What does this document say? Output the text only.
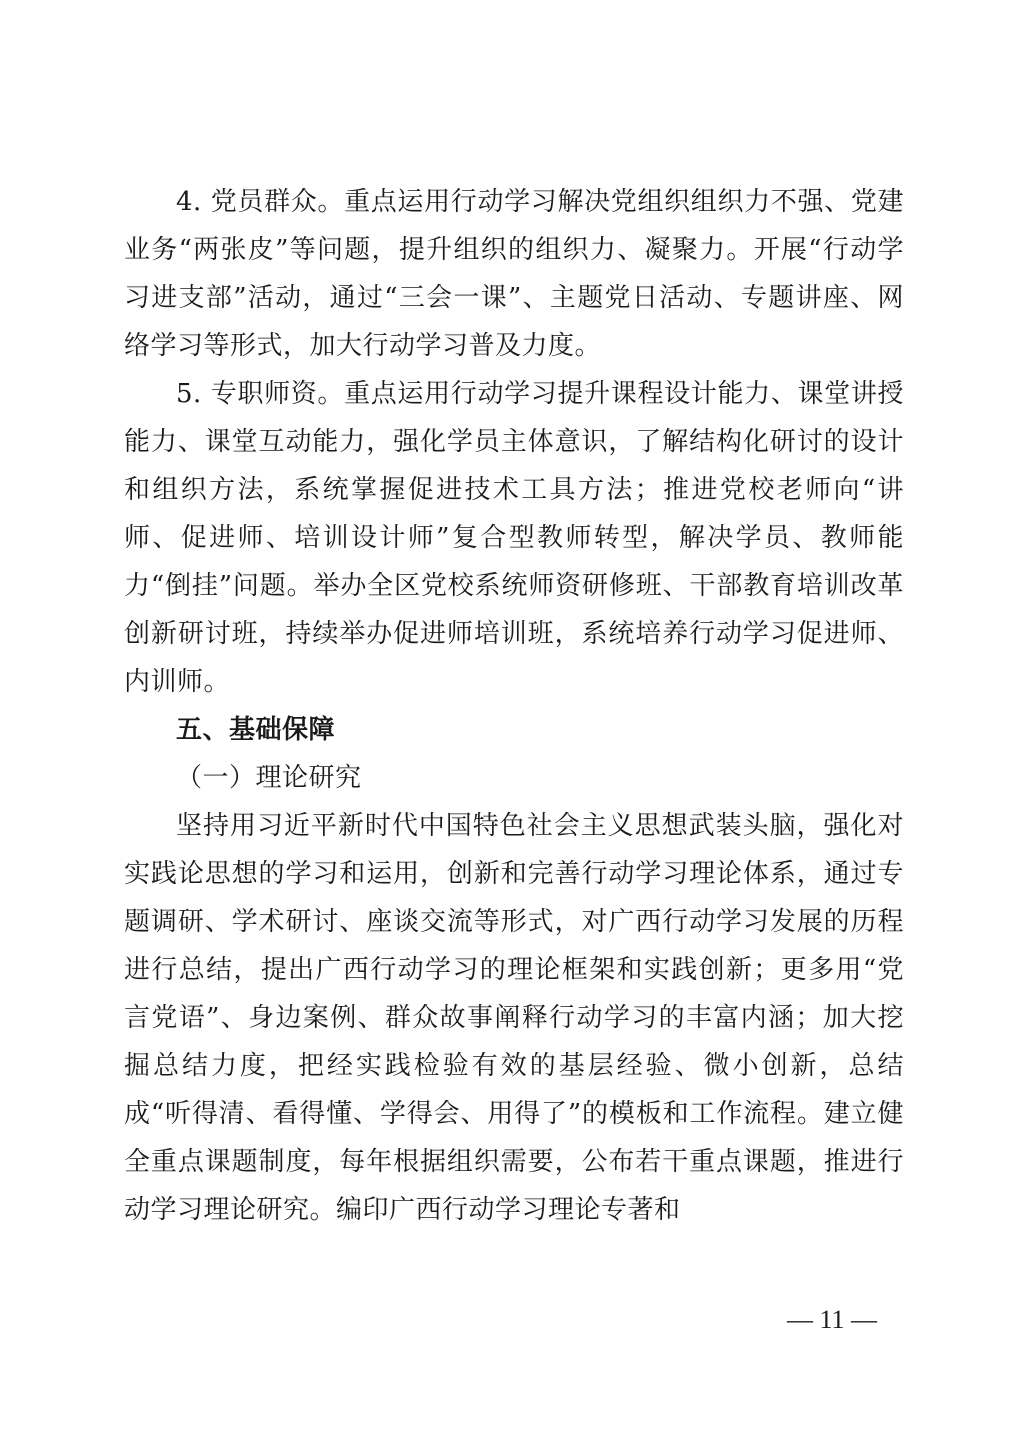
4. 党员群众。重点运用行动学习解决党组织组织力不强、党建业务“两张皮”等问题，提升组织的组织力、凝聚力。开展“行动学习进支部”活动，通过“三会一课”、主题党日活动、专题讲座、网络学习等形式，加大行动学习普及力度。

5. 专职师资。重点运用行动学习提升课程设计能力、课堂讲授能力、课堂互动能力，强化学员主体意识，了解结构化研讨的设计和组织方法，系统掌握促进技术工具方法；推进党校老师向“讲师、促进师、培训设计师”复合型教师转型，解决学员、教师能力“倒挂”问题。举办全区党校系统师资研修班、干部教育培训改革创新研讨班，持续举办促进师培训班，系统培养行动学习促进师、内训师。

五、基础保障

（一）理论研究

坚持用习近平新时代中国特色社会主义思想武装头脑，强化对实践论思想的学习和运用，创新和完善行动学习理论体系，通过专题调研、学术研讨、座谈交流等形式，对广西行动学习发展的历程进行总结，提出广西行动学习的理论框架和实践创新；更多用“党言党语”、身边案例、群众故事阐释行动学习的丰富内涵；加大挖掘总结力度，把经实践检验有效的基层经验、微小创新，总结成“听得清、看得懂、学得会、用得了”的模板和工作流程。建立健全重点课题制度，每年根据组织需要，公布若干重点课题，推进行动学习理论研究。编印广西行动学习理论专著和

— 11 —
